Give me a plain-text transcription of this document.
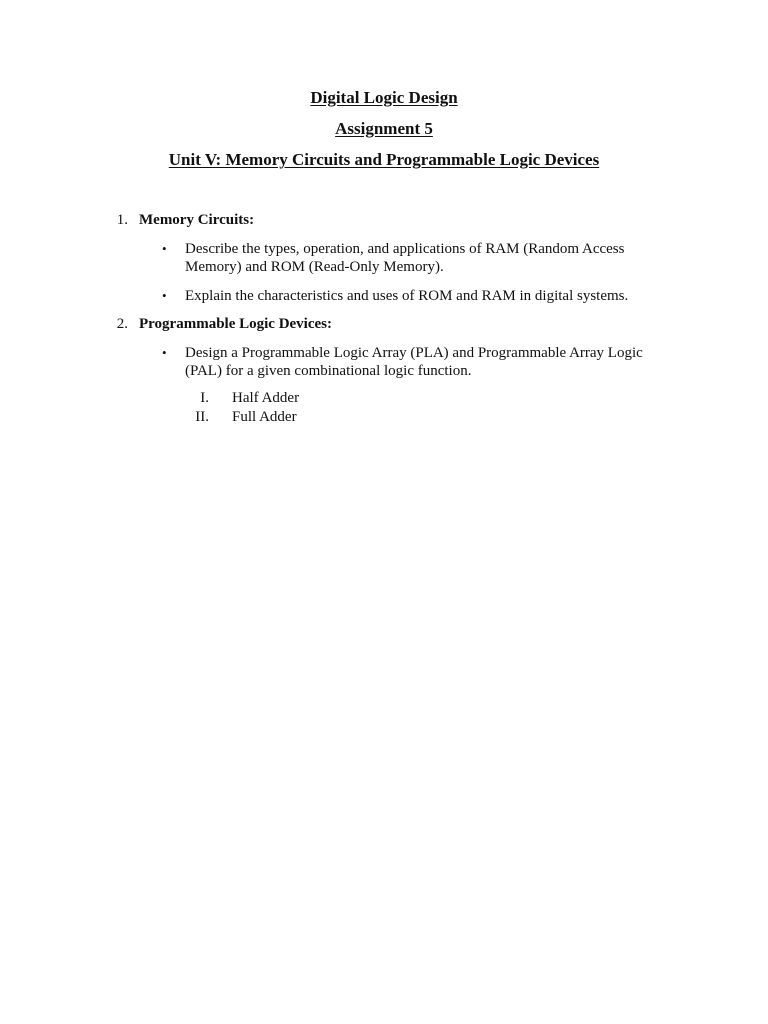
Digital Logic Design
Assignment 5
Unit V: Memory Circuits and Programmable Logic Devices
1. Memory Circuits:
• Describe the types, operation, and applications of RAM (Random Access
Memory) and ROM (Read-Only Memory).
• Explain the characteristics and uses of ROM and RAM in digital systems.
2. Programmable Logic Devices:
• Design a Programmable Logic Array (PLA) and Programmable Array Logic
(PAL) for a given combinational logic function.
I. Half Adder
II. Full Adder
